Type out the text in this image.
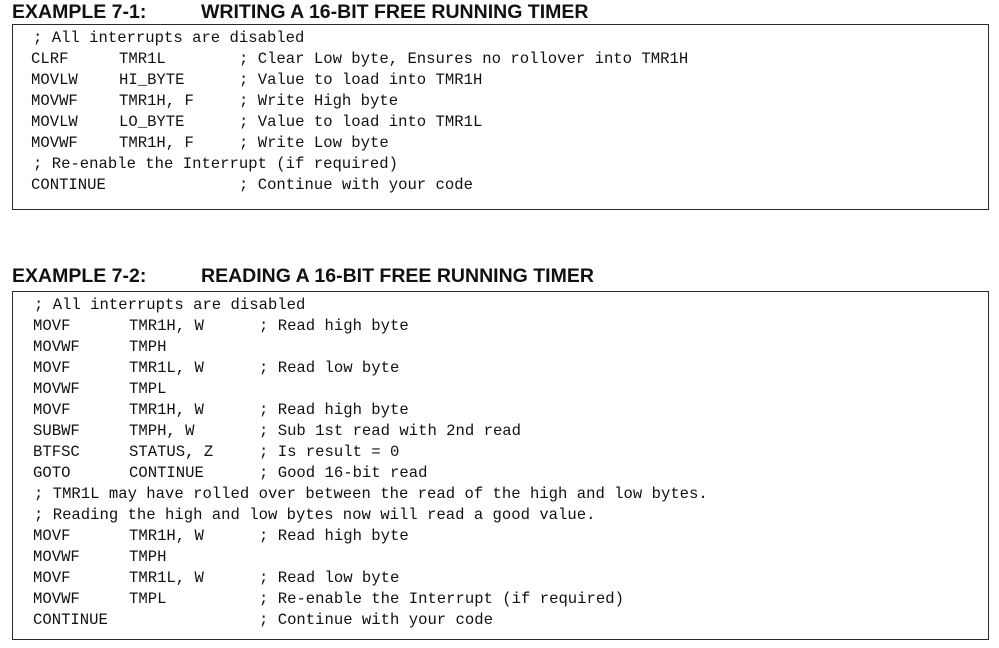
EXAMPLE 7-1:	WRITING A 16-BIT FREE RUNNING TIMER
; All interrupts are disabled
CLRF	TMR1L	; Clear Low byte, Ensures no rollover into TMR1H
MOVLW	HI_BYTE	; Value to load into TMR1H
MOVWF	TMR1H, F	; Write High byte
MOVLW	LO_BYTE	; Value to load into TMR1L
MOVWF	TMR1H, F	; Write Low byte
; Re-enable the Interrupt (if required)
CONTINUE	; Continue with your code
EXAMPLE 7-2:	READING A 16-BIT FREE RUNNING TIMER
; All interrupts are disabled
MOVF	TMR1H, W	; Read high byte
MOVWF	TMPH
MOVF	TMR1L, W	; Read low byte
MOVWF	TMPL
MOVF	TMR1H, W	; Read high byte
SUBWF	TMPH, W	; Sub 1st read with 2nd read
BTFSC	STATUS, Z	; Is result = 0
GOTO	CONTINUE	; Good 16-bit read
; TMR1L may have rolled over between the read of the high and low bytes.
; Reading the high and low bytes now will read a good value.
MOVF	TMR1H, W	; Read high byte
MOVWF	TMPH
MOVF	TMR1L, W	; Read low byte
MOVWF	TMPL	; Re-enable the Interrupt (if required)
CONTINUE	; Continue with your code
